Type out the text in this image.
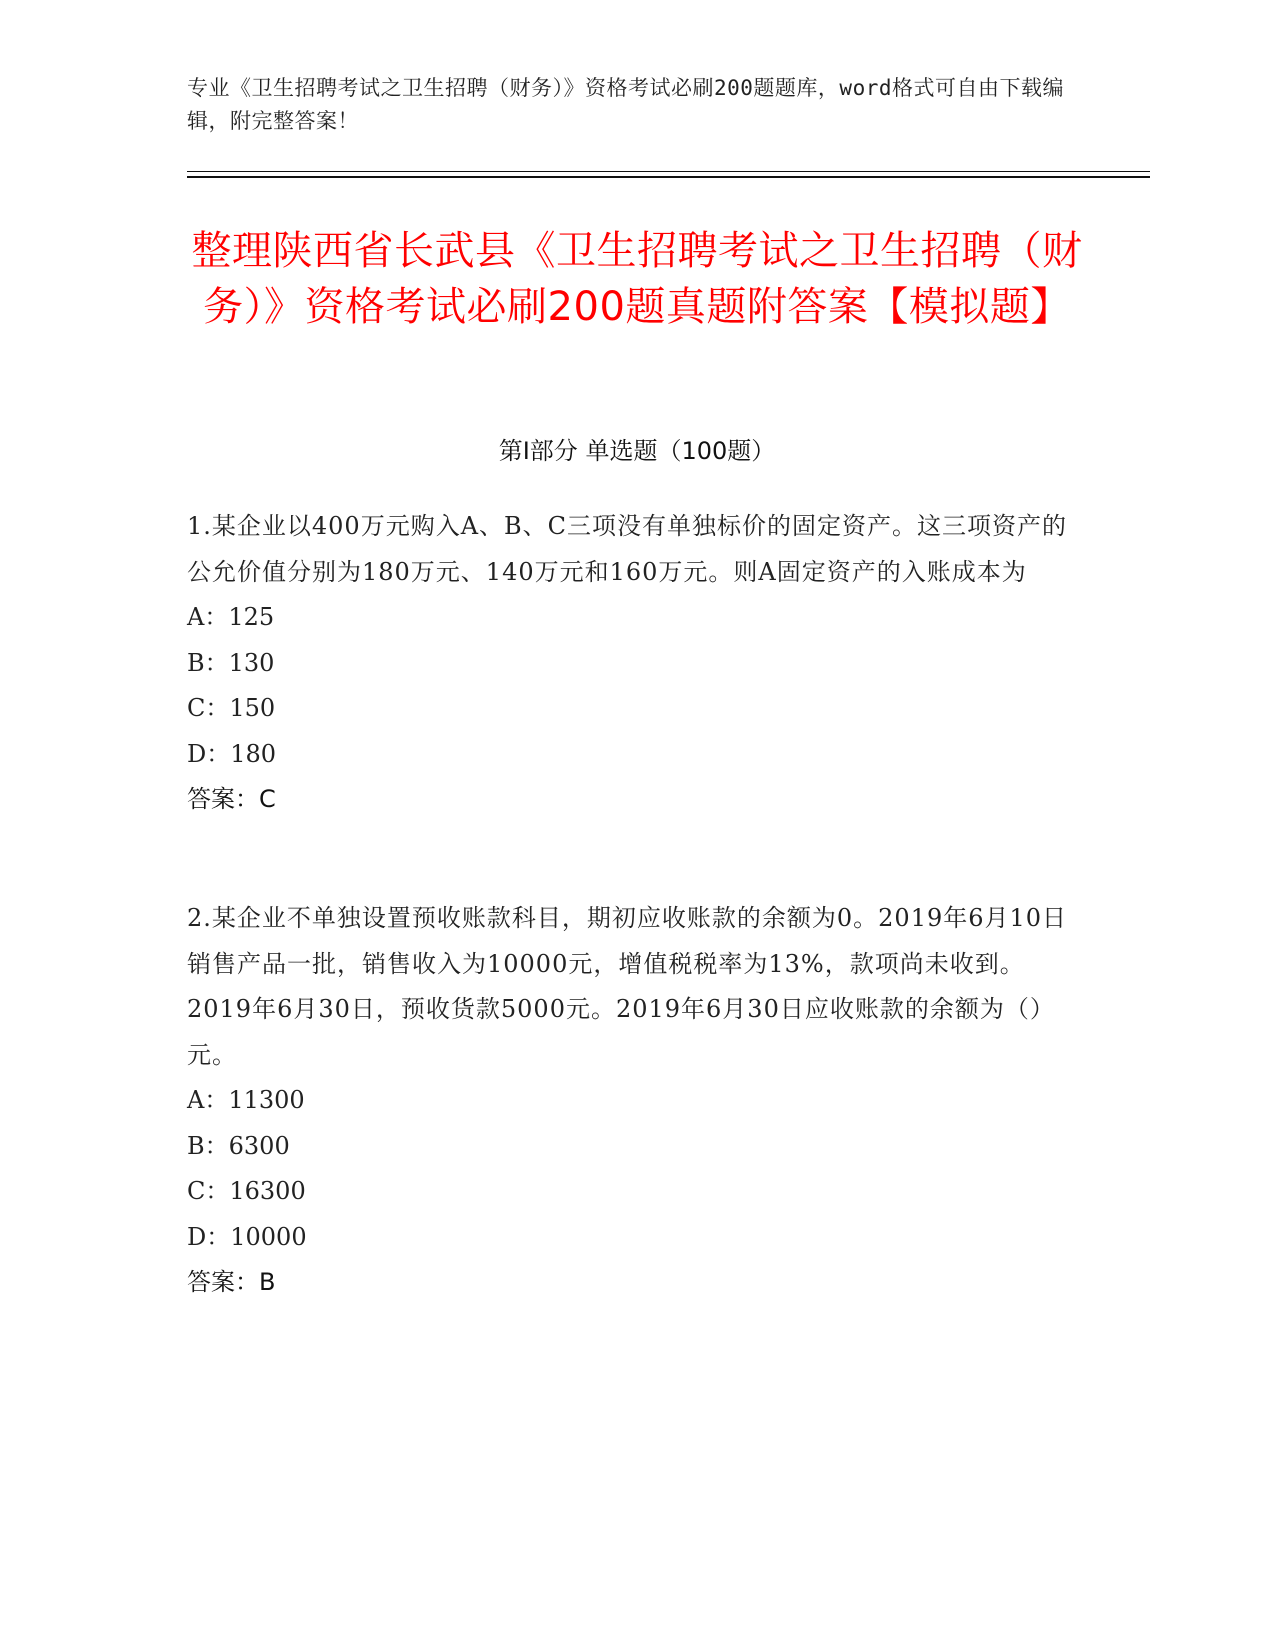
专业《卫生招聘考试之卫生招聘（财务）》资格考试必刷200题题库，word格式可自由下载编辑，附完整答案！
整理陕西省长武县《卫生招聘考试之卫生招聘（财务）》资格考试必刷200题真题附答案【模拟题】
第Ⅰ部分 单选题（100题）

1.某企业以400万元购入A、B、C三项没有单独标价的固定资产。这三项资产的公允价值分别为180万元、140万元和160万元。则A固定资产的入账成本为

A：125

B：130

C：150

D：180

答案：C

2.某企业不单独设置预收账款科目，期初应收账款的余额为0。2019年6月10日销售产品一批，销售收入为10000元，增值税税率为13%，款项尚未收到。2019年6月30日，预收货款5000元。2019年6月30日应收账款的余额为（）元。

A：11300

B：6300

C：16300

D：10000

答案：B
